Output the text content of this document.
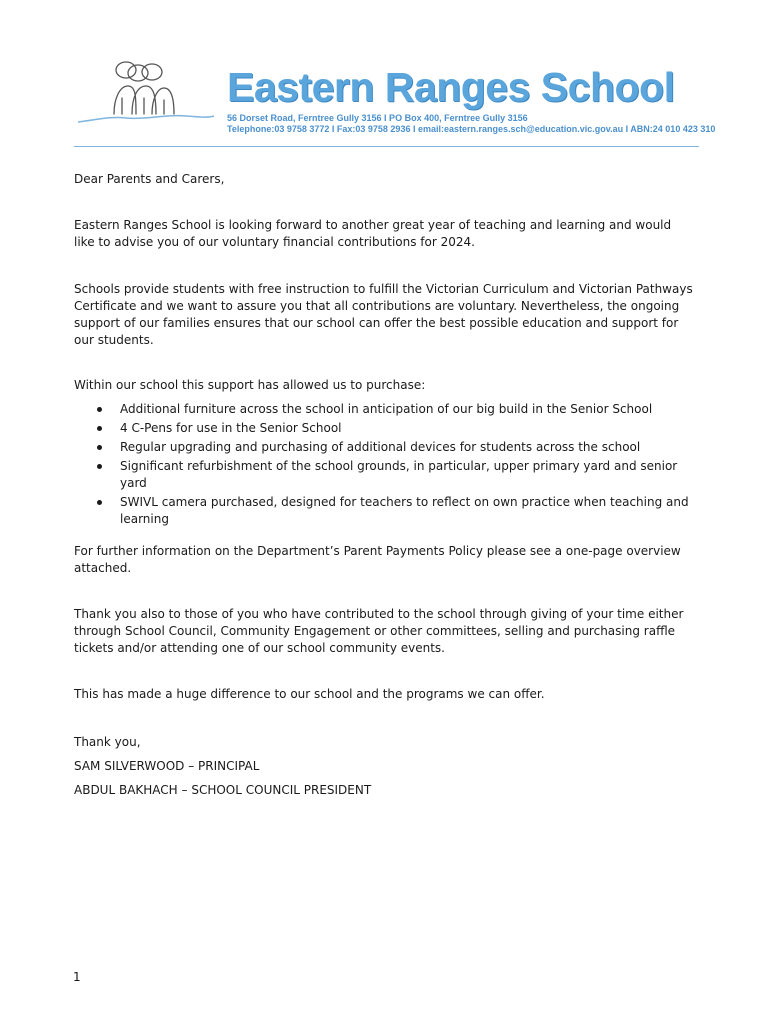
Eastern Ranges School
56 Dorset Road, Ferntree Gully 3156 I PO Box 400, Ferntree Gully 3156
Telephone:03 9758 3772 I Fax:03 9758 2936 I email:eastern.ranges.sch@education.vic.gov.au I ABN:24 010 423 310
Dear Parents and Carers,
Eastern Ranges School is looking forward to another great year of teaching and learning and would like to advise you of our voluntary financial contributions for 2024.
Schools provide students with free instruction to fulfill the Victorian Curriculum and Victorian Pathways Certificate and we want to assure you that all contributions are voluntary. Nevertheless, the ongoing support of our families ensures that our school can offer the best possible education and support for our students.
Within our school this support has allowed us to purchase:
Additional furniture across the school in anticipation of our big build in the Senior School
4 C-Pens for use in the Senior School
Regular upgrading and purchasing of additional devices for students across the school
Significant refurbishment of the school grounds, in particular, upper primary yard and senior yard
SWIVL camera purchased, designed for teachers to reflect on own practice when teaching and learning
For further information on the Department’s Parent Payments Policy please see a one-page overview attached.
Thank you also to those of you who have contributed to the school through giving of your time either through School Council, Community Engagement or other committees, selling and purchasing raffle tickets and/or attending one of our school community events.
This has made a huge difference to our school and the programs we can offer.
Thank you,
SAM SILVERWOOD – PRINCIPAL
ABDUL BAKHACH – SCHOOL COUNCIL PRESIDENT
1
